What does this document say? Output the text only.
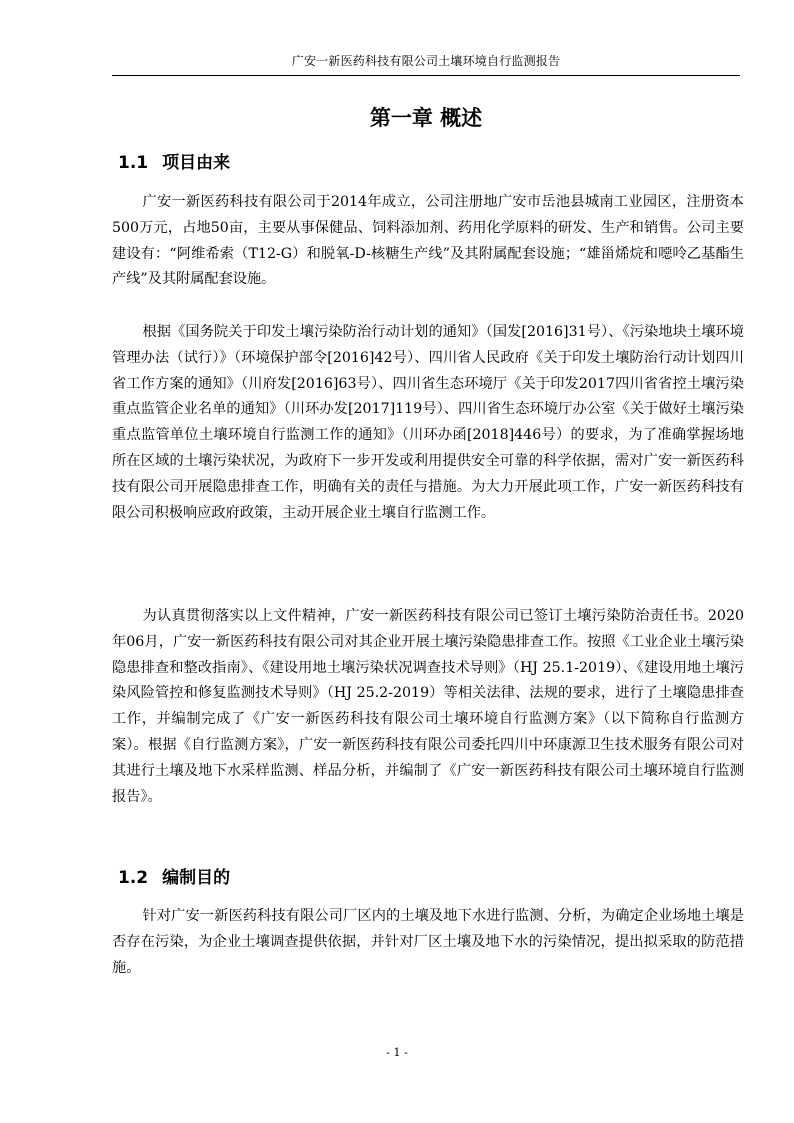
广安一新医药科技有限公司土壤环境自行监测报告
第一章 概述
1.1 项目由来

广安一新医药科技有限公司于2014年成立，公司注册地广安市岳池县城南工业园区，注册资本500万元，占地50亩，主要从事保健品、饲料添加剂、药用化学原料的研发、生产和销售。公司主要建设有：“阿维希索（T12-G）和脱氧-D-核糖生产线”及其附属配套设施；“雄甾烯烷和噁呤乙基酯生产线”及其附属配套设施。

根据《国务院关于印发土壤污染防治行动计划的通知》（国发[2016]31号）、《污染地块土壤环境管理办法（试行）》（环境保护部令[2016]42号）、四川省人民政府《关于印发土壤防治行动计划四川省工作方案的通知》（川府发[2016]63号）、四川省生态环境厅《关于印发2017四川省省控土壤污染重点监管企业名单的通知》（川环办发[2017]119号）、四川省生态环境厅办公室《关于做好土壤污染重点监管单位土壤环境自行监测工作的通知》（川环办函[2018]446号）的要求，为了准确掌握场地所在区域的土壤污染状况，为政府下一步开发或利用提供安全可靠的科学依据，需对广安一新医药科技有限公司开展隐患排查工作，明确有关的责任与措施。为大力开展此项工作，广安一新医药科技有限公司积极响应政府政策，主动开展企业土壤自行监测工作。

为认真贯彻落实以上文件精神，广安一新医药科技有限公司已签订土壤污染防治责任书。2020年06月，广安一新医药科技有限公司对其企业开展土壤污染隐患排查工作。按照《工业企业土壤污染隐患排查和整改指南》、《建设用地土壤污染状况调查技术导则》（HJ 25.1-2019）、《建设用地土壤污染风险管控和修复监测技术导则》（HJ 25.2-2019）等相关法律、法规的要求，进行了土壤隐患排查工作，并编制完成了《广安一新医药科技有限公司土壤环境自行监测方案》（以下简称自行监测方案）。根据《自行监测方案》，广安一新医药科技有限公司委托四川中环康源卫生技术服务有限公司对其进行土壤及地下水采样监测、样品分析，并编制了《广安一新医药科技有限公司土壤环境自行监测报告》。

1.2 编制目的

针对广安一新医药科技有限公司厂区内的土壤及地下水进行监测、分析，为确定企业场地土壤是否存在污染，为企业土壤调查提供依据，并针对厂区土壤及地下水的污染情况，提出拟采取的防范措施。

- 1 -
